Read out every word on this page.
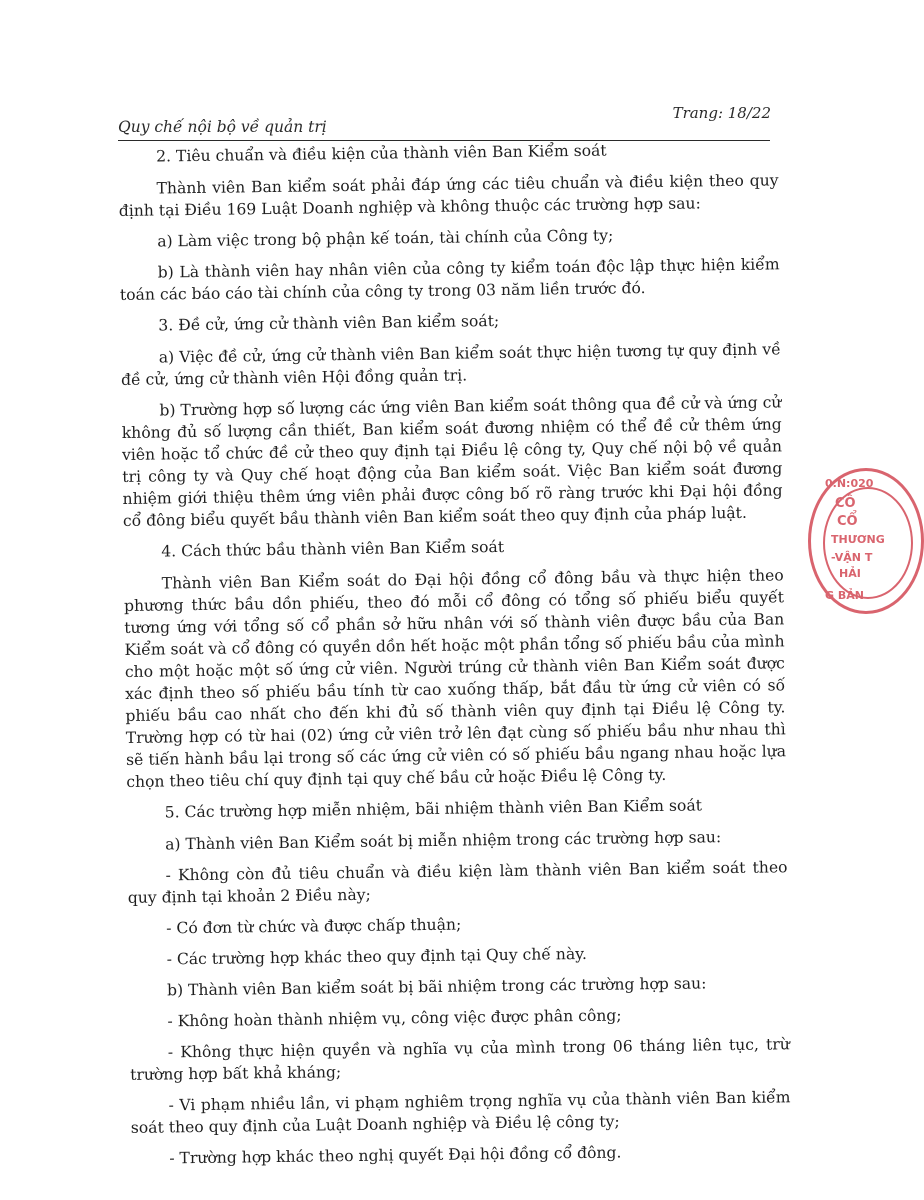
Trang: 18/22
Quy chế nội bộ về quản trị

2. Tiêu chuẩn và điều kiện của thành viên Ban Kiểm soát

Thành viên Ban kiểm soát phải đáp ứng các tiêu chuẩn và điều kiện theo quy định tại Điều 169 Luật Doanh nghiệp và không thuộc các trường hợp sau:

a) Làm việc trong bộ phận kế toán, tài chính của Công ty;

b) Là thành viên hay nhân viên của công ty kiểm toán độc lập thực hiện kiểm toán các báo cáo tài chính của công ty trong 03 năm liền trước đó.

3. Đề cử, ứng cử thành viên Ban kiểm soát;

a) Việc đề cử, ứng cử thành viên Ban kiểm soát thực hiện tương tự quy định về đề cử, ứng cử thành viên Hội đồng quản trị.

b) Trường hợp số lượng các ứng viên Ban kiểm soát thông qua đề cử và ứng cử không đủ số lượng cần thiết, Ban kiểm soát đương nhiệm có thể đề cử thêm ứng viên hoặc tổ chức đề cử theo quy định tại Điều lệ công ty, Quy chế nội bộ về quản trị công ty và Quy chế hoạt động của Ban kiểm soát. Việc Ban kiểm soát đương nhiệm giới thiệu thêm ứng viên phải được công bố rõ ràng trước khi Đại hội đồng cổ đông biểu quyết bầu thành viên Ban kiểm soát theo quy định của pháp luật.

4. Cách thức bầu thành viên Ban Kiểm soát

Thành viên Ban Kiểm soát do Đại hội đồng cổ đông bầu và thực hiện theo phương thức bầu dồn phiếu, theo đó mỗi cổ đông có tổng số phiếu biểu quyết tương ứng với tổng số cổ phần sở hữu nhân với số thành viên được bầu của Ban Kiểm soát và cổ đông có quyền dồn hết hoặc một phần tổng số phiếu bầu của mình cho một hoặc một số ứng cử viên. Người trúng cử thành viên Ban Kiểm soát được xác định theo số phiếu bầu tính từ cao xuống thấp, bắt đầu từ ứng cử viên có số phiếu bầu cao nhất cho đến khi đủ số thành viên quy định tại Điều lệ Công ty. Trường hợp có từ hai (02) ứng cử viên trở lên đạt cùng số phiếu bầu như nhau thì sẽ tiến hành bầu lại trong số các ứng cử viên có số phiếu bầu ngang nhau hoặc lựa chọn theo tiêu chí quy định tại quy chế bầu cử hoặc Điều lệ Công ty.

5. Các trường hợp miễn nhiệm, bãi nhiệm thành viên Ban Kiểm soát

a) Thành viên Ban Kiểm soát bị miễn nhiệm trong các trường hợp sau:

- Không còn đủ tiêu chuẩn và điều kiện làm thành viên Ban kiểm soát theo quy định tại khoản 2 Điều này;

- Có đơn từ chức và được chấp thuận;

- Các trường hợp khác theo quy định tại Quy chế này.

b) Thành viên Ban kiểm soát bị bãi nhiệm trong các trường hợp sau:

- Không hoàn thành nhiệm vụ, công việc được phân công;

- Không thực hiện quyền và nghĩa vụ của mình trong 06 tháng liên tục, trừ trường hợp bất khả kháng;

- Vi phạm nhiều lần, vi phạm nghiêm trọng nghĩa vụ của thành viên Ban kiểm soát theo quy định của Luật Doanh nghiệp và Điều lệ công ty;

- Trường hợp khác theo nghị quyết Đại hội đồng cổ đông.

0.N:020
CÔ
CỔ
THƯƠNG
-VẬN T
HẢI
G BẢN
